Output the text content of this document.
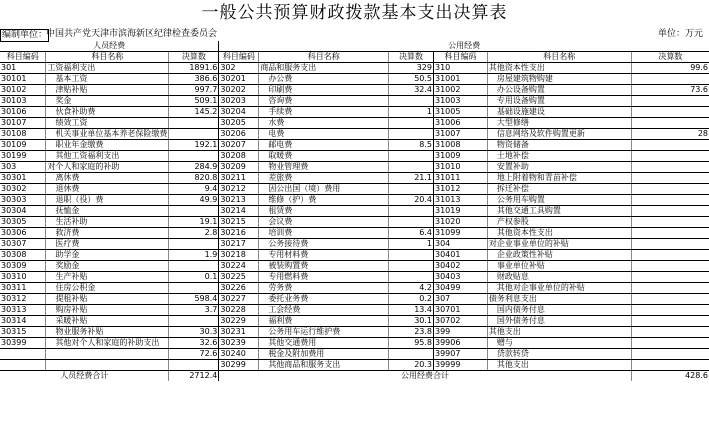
一般公共预算财政拨款基本支出决算表
编制单位：
中国共产党天津市滨海新区纪律检查委员会	单位：万元
人员经费			公用经费					
科目编码	科目名称	决算数	科目编码	科目名称	决算数	科目编码	科目名称	决算数
301	工资福利支出	1891.6	302	商品和服务支出	329	310	其他资本性支出	99.6
30101	基本工资	386.6	30201	办公费	50.5	31001	房屋建筑物购建	
30102	津贴补贴	997.7	30202	印刷费	32.4	31002	办公设备购置	73.6
30103	奖金	509.1	30203	咨询费		31003	专用设备购置	
30106	伙食补助费	145.2	30204	手续费	1	31005	基础设施建设	
30107	绩效工资		30205	水费		31006	大型修缮	
30108	机关事业单位基本养老保险缴费		30206	电费		31007	信息网络及软件购置更新	28
30109	职业年金缴费	192.1	30207	邮电费	8.5	31008	物资储备	
30199	其他工资福利支出		30208	取暖费		31009	土地补偿	
303	对个人和家庭的补助	284.9	30209	物业管理费		31010	安置补助	
30301	离休费	820.8	30211	差旅费	21.1	31011	地上附着物和青苗补偿	
30302	退休费	9.4	30212	因公出国（境）费用		31012	拆迁补偿	
30303	退职（役）费	49.9	30213	维修（护）费	20.4	31013	公务用车购置	
30304	抚恤金		30214	租赁费		31019	其他交通工具购置	
30305	生活补助	19.1	30215	会议费		31020	产权参股	
30306	救济费	2.8	30216	培训费	6.4	31099	其他资本性支出	
30307	医疗费		30217	公务接待费	1	304	对企业事业单位的补贴	
30308	助学金	1.9	30218	专用材料费		30401	企业政策性补贴	
30309	奖励金		30224	被装购置费		30402	事业单位补贴	
30310	生产补贴	0.1	30225	专用燃料费		30403	财政贴息	
30311	住房公积金		30226	劳务费	4.2	30499	其他对企事业单位的补贴	
30312	提租补贴	598.4	30227	委托业务费	0.2	307	债务利息支出	
30313	购房补贴	3.7	30228	工会经费	13.4	30701	国内债务付息	
30314	采暖补贴		30229	福利费	30.1	30702	国外债务付息	
30315	物业服务补贴	30.3	30231	公务用车运行维护费	23.8	399	其他支出	
30399	其他对个人和家庭的补助支出	32.6	30239	其他交通费用	95.8	39906	赠与	
		72.6	30240	税金及附加费用		39907	贷款转贷	
			30299	其他商品和服务支出	20.3	39999	其他支出	
人员经费合计		2712.4	公用经费合计					428.6
